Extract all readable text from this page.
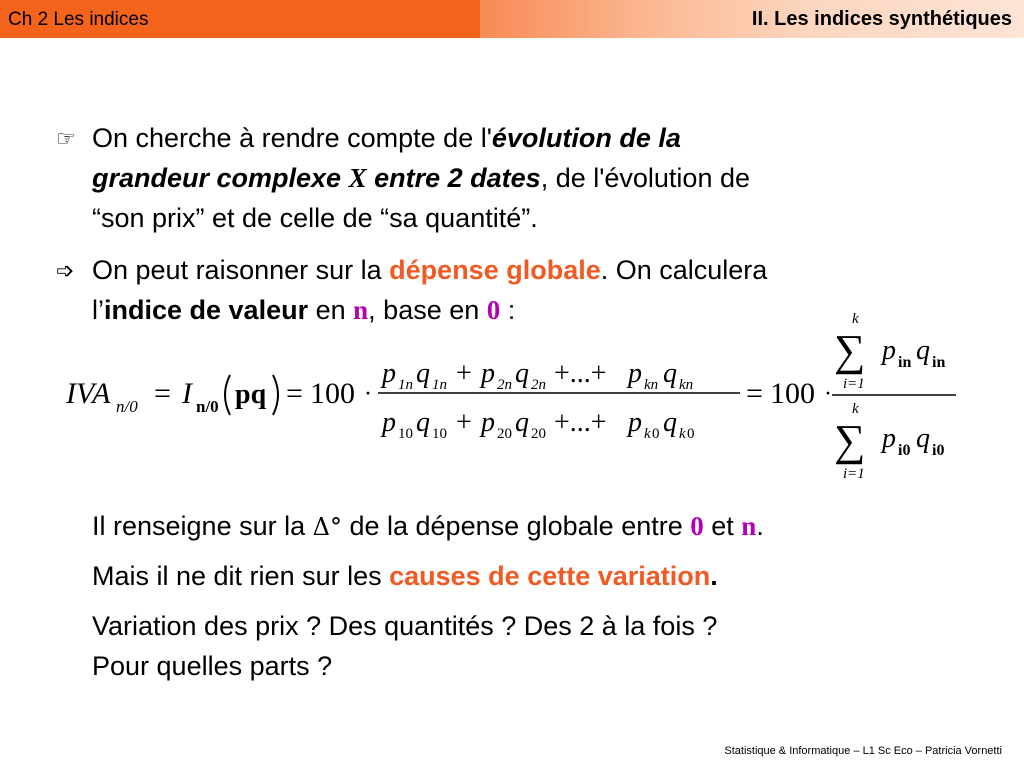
Ch 2 Les indices	II. Les indices synthétiques
☞ On cherche à rendre compte de l'évolution de la
grandeur complexe X entre 2 dates, de l'évolution de
“son prix” et de celle de “sa quantité”.
➩ On peut raisonner sur la dépense globale. On calculera
l’indice de valeur en n, base en 0 :
IVA n/0 = I n/0 pq = 100 ·
p 1n q 1n + p 2n q 2n +...+ p kn q kn
p 10 q 10 + p 20 q 20 +...+ p k 0 q k 0
= 100 ·
k
∑
i=1
p in q in
k
∑
i=1
p i0 q i0
Il renseigne sur la Δ° de la dépense globale entre 0 et n.
Mais il ne dit rien sur les causes de cette variation.
Variation des prix ? Des quantités ? Des 2 à la fois ?
Pour quelles parts ?
Statistique & Informatique – L1 Sc Eco – Patricia Vornetti
